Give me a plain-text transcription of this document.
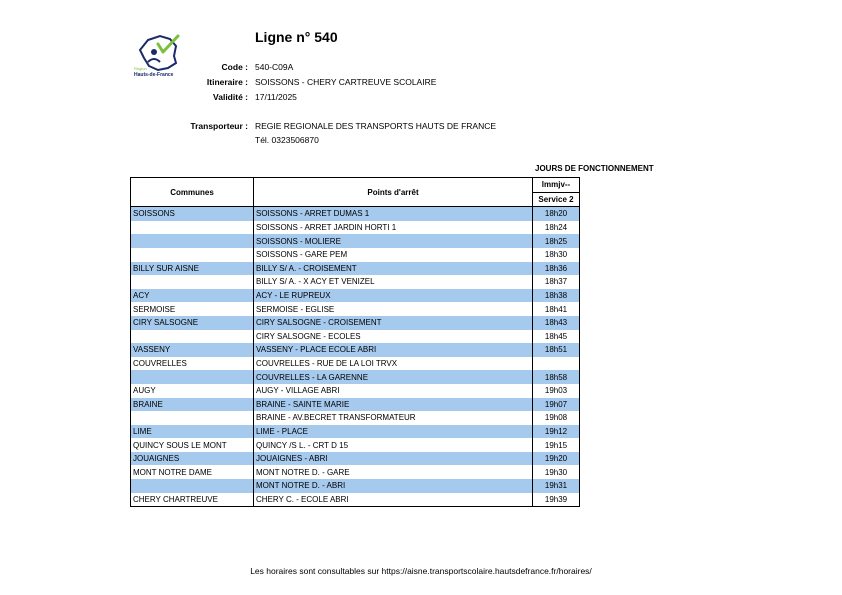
Région
Hauts-de-France
Ligne n° 540
Code : 540-C09A
Itineraire : SOISSONS - CHERY CARTREUVE SCOLAIRE
Validité : 17/11/2025
Transporteur : REGIE REGIONALE DES TRANSPORTS HAUTS DE FRANCE
Tél. 0323506870
JOURS DE FONCTIONNEMENT
Communes	Points d'arrêt	lmmjv--
		Service 2
SOISSONS	SOISSONS - ARRET DUMAS 1	18h20
	SOISSONS - ARRET JARDIN HORTI 1	18h24
	SOISSONS - MOLIERE	18h25
	SOISSONS - GARE PEM	18h30
BILLY SUR AISNE	BILLY S/ A. - CROISEMENT	18h36
	BILLY S/ A. - X ACY ET VENIZEL	18h37
ACY	ACY - LE RUPREUX	18h38
SERMOISE	SERMOISE - EGLISE	18h41
CIRY SALSOGNE	CIRY SALSOGNE - CROISEMENT	18h43
	CIRY SALSOGNE - ECOLES	18h45
VASSENY	VASSENY - PLACE ECOLE ABRI	18h51
COUVRELLES	COUVRELLES - RUE DE LA LOI TRVX	
	COUVRELLES - LA GARENNE	18h58
AUGY	AUGY - VILLAGE ABRI	19h03
BRAINE	BRAINE - SAINTE MARIE	19h07
	BRAINE - AV.BECRET TRANSFORMATEUR	19h08
LIME	LIME - PLACE	19h12
QUINCY SOUS LE MONT	QUINCY /S L. - CRT D 15	19h15
JOUAIGNES	JOUAIGNES - ABRI	19h20
MONT NOTRE DAME	MONT NOTRE D. - GARE	19h30
	MONT NOTRE D. - ABRI	19h31
CHERY CHARTREUVE	CHERY C. - ECOLE ABRI	19h39
Les horaires sont consultables sur https://aisne.transportscolaire.hautsdefrance.fr/horaires/
